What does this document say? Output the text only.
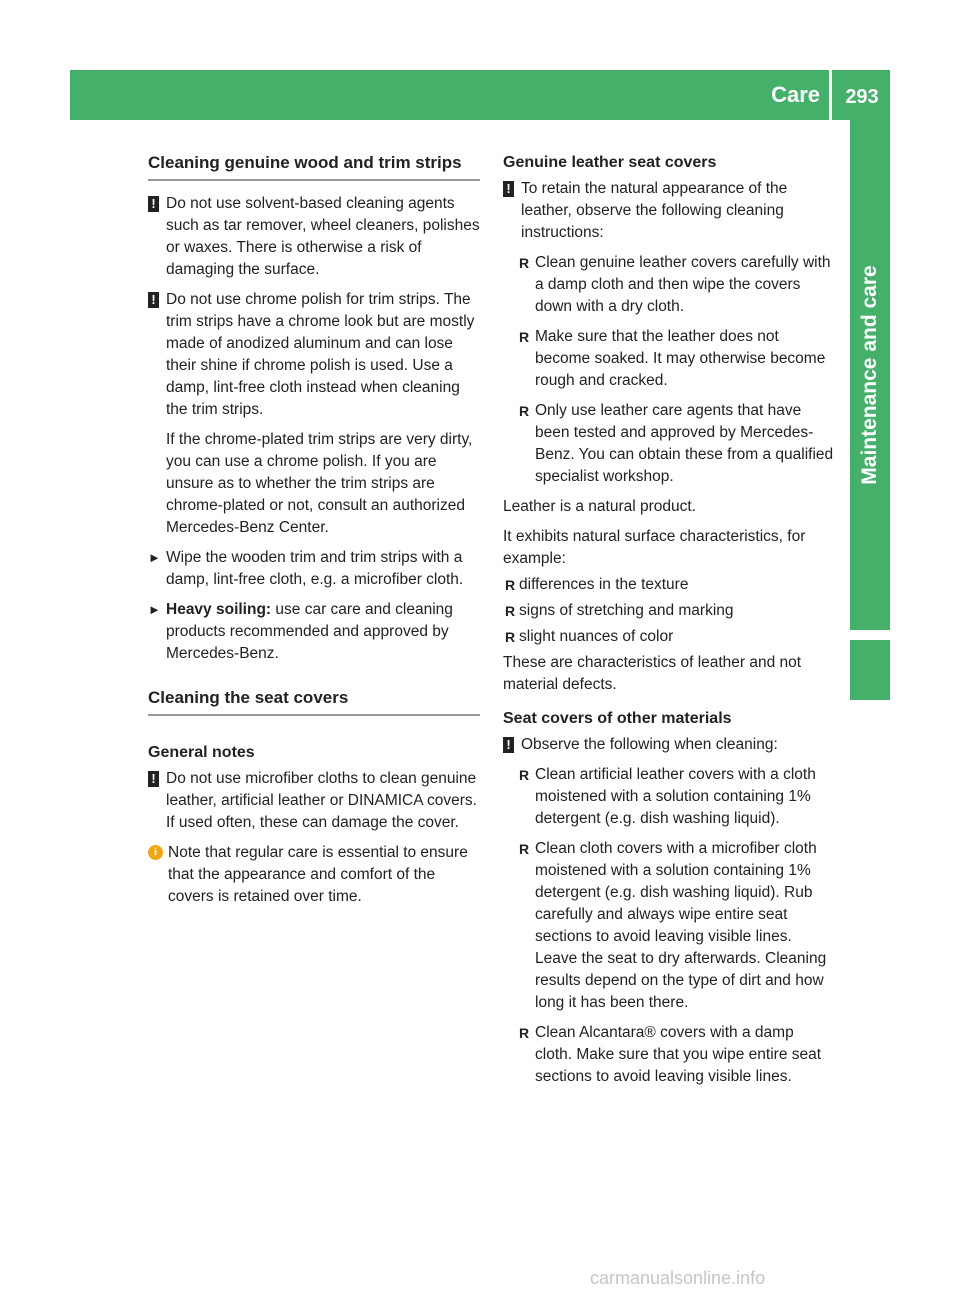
Care	293
Maintenance and care
Cleaning genuine wood and trim strips
! Do not use solvent-based cleaning agents such as tar remover, wheel cleaners, polishes or waxes. There is otherwise a risk of damaging the surface.
! Do not use chrome polish for trim strips. The trim strips have a chrome look but are mostly made of anodized aluminum and can lose their shine if chrome polish is used. Use a damp, lint-free cloth instead when cleaning the trim strips.

If the chrome-plated trim strips are very dirty, you can use a chrome polish. If you are unsure as to whether the trim strips are chrome-plated or not, consult an authorized Mercedes-Benz Center.

► Wipe the wooden trim and trim strips with a damp, lint-free cloth, e.g. a microfiber cloth.
► Heavy soiling: use car care and cleaning products recommended and approved by Mercedes-Benz.
Cleaning the seat covers
General notes
! Do not use microfiber cloths to clean genuine leather, artificial leather or DINAMICA covers. If used often, these can damage the cover.
i Note that regular care is essential to ensure that the appearance and comfort of the covers is retained over time.
Genuine leather seat covers
! To retain the natural appearance of the leather, observe the following cleaning instructions:
R Clean genuine leather covers carefully with a damp cloth and then wipe the covers down with a dry cloth.
R Make sure that the leather does not become soaked. It may otherwise become rough and cracked.
R Only use leather care agents that have been tested and approved by Mercedes-Benz. You can obtain these from a qualified specialist workshop.

Leather is a natural product.

It exhibits natural surface characteristics, for example:

R differences in the texture
R signs of stretching and marking
R slight nuances of color

These are characteristics of leather and not material defects.

Seat covers of other materials
! Observe the following when cleaning:
R Clean artificial leather covers with a cloth moistened with a solution containing 1% detergent (e.g. dish washing liquid).
R Clean cloth covers with a microfiber cloth moistened with a solution containing 1% detergent (e.g. dish washing liquid). Rub carefully and always wipe entire seat sections to avoid leaving visible lines. Leave the seat to dry afterwards. Cleaning results depend on the type of dirt and how long it has been there.
R Clean Alcantara® covers with a damp cloth. Make sure that you wipe entire seat sections to avoid leaving visible lines.
carmanualsonline.info
